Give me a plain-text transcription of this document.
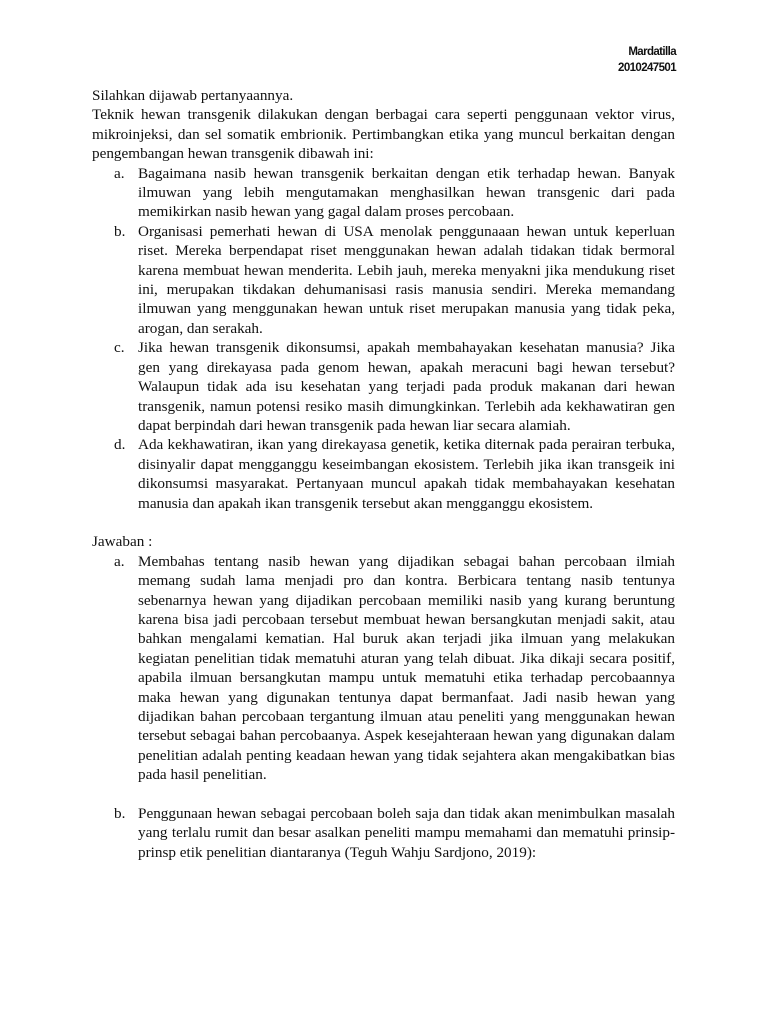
Mardatilla
2010247501

Silahkan dijawab pertanyaannya.

Teknik hewan transgenik dilakukan dengan berbagai cara seperti penggunaan vektor virus, mikroinjeksi, dan sel somatik embrionik. Pertimbangkan etika yang muncul berkaitan dengan pengembangan hewan transgenik dibawah ini:

a. Bagaimana nasib hewan transgenik berkaitan dengan etik terhadap hewan. Banyak ilmuwan yang lebih mengutamakan menghasilkan hewan transgenic dari pada memikirkan nasib hewan yang gagal dalam proses percobaan.
b. Organisasi pemerhati hewan di USA menolak penggunaaan hewan untuk keperluan riset. Mereka berpendapat riset menggunakan hewan adalah tidakan tidak bermoral karena membuat hewan menderita. Lebih jauh, mereka menyakni jika mendukung riset ini, merupakan tikdakan dehumanisasi rasis manusia sendiri. Mereka memandang ilmuwan yang menggunakan hewan untuk riset merupakan manusia yang tidak peka, arogan, dan serakah.
c. Jika hewan transgenik dikonsumsi, apakah membahayakan kesehatan manusia? Jika gen yang direkayasa pada genom hewan, apakah meracuni bagi hewan tersebut? Walaupun tidak ada isu kesehatan yang terjadi pada produk makanan dari hewan transgenik, namun potensi resiko masih dimungkinkan. Terlebih ada kekhawatiran gen dapat berpindah dari hewan transgenik pada hewan liar secara alamiah.
d. Ada kekhawatiran, ikan yang direkayasa genetik, ketika diternak pada perairan terbuka, disinyalir dapat mengganggu keseimbangan ekosistem. Terlebih jika ikan transgeik ini dikonsumsi masyarakat. Pertanyaan muncul apakah tidak membahayakan kesehatan manusia dan apakah ikan transgenik tersebut akan mengganggu ekosistem.

Jawaban :

a. Membahas tentang nasib hewan yang dijadikan sebagai bahan percobaan ilmiah memang sudah lama menjadi pro dan kontra. Berbicara tentang nasib tentunya sebenarnya hewan yang dijadikan percobaan memiliki nasib yang kurang beruntung karena bisa jadi percobaan tersebut membuat hewan bersangkutan menjadi sakit, atau bahkan mengalami kematian. Hal buruk akan terjadi jika ilmuan yang melakukan kegiatan penelitian tidak mematuhi aturan yang telah dibuat. Jika dikaji secara positif, apabila ilmuan bersangkutan mampu untuk mematuhi etika terhadap percobaannya maka hewan yang digunakan tentunya dapat bermanfaat. Jadi nasib hewan yang dijadikan bahan percobaan tergantung ilmuan atau peneliti yang menggunakan hewan tersebut sebagai bahan percobaanya. Aspek kesejahteraan hewan yang digunakan dalam penelitian adalah penting keadaan hewan yang tidak sejahtera akan mengakibatkan bias pada hasil penelitian.
b. Penggunaan hewan sebagai percobaan boleh saja dan tidak akan menimbulkan masalah yang terlalu rumit dan besar asalkan peneliti mampu memahami dan mematuhi prinsip-prinsp etik penelitian diantaranya (Teguh Wahju Sardjono, 2019):
